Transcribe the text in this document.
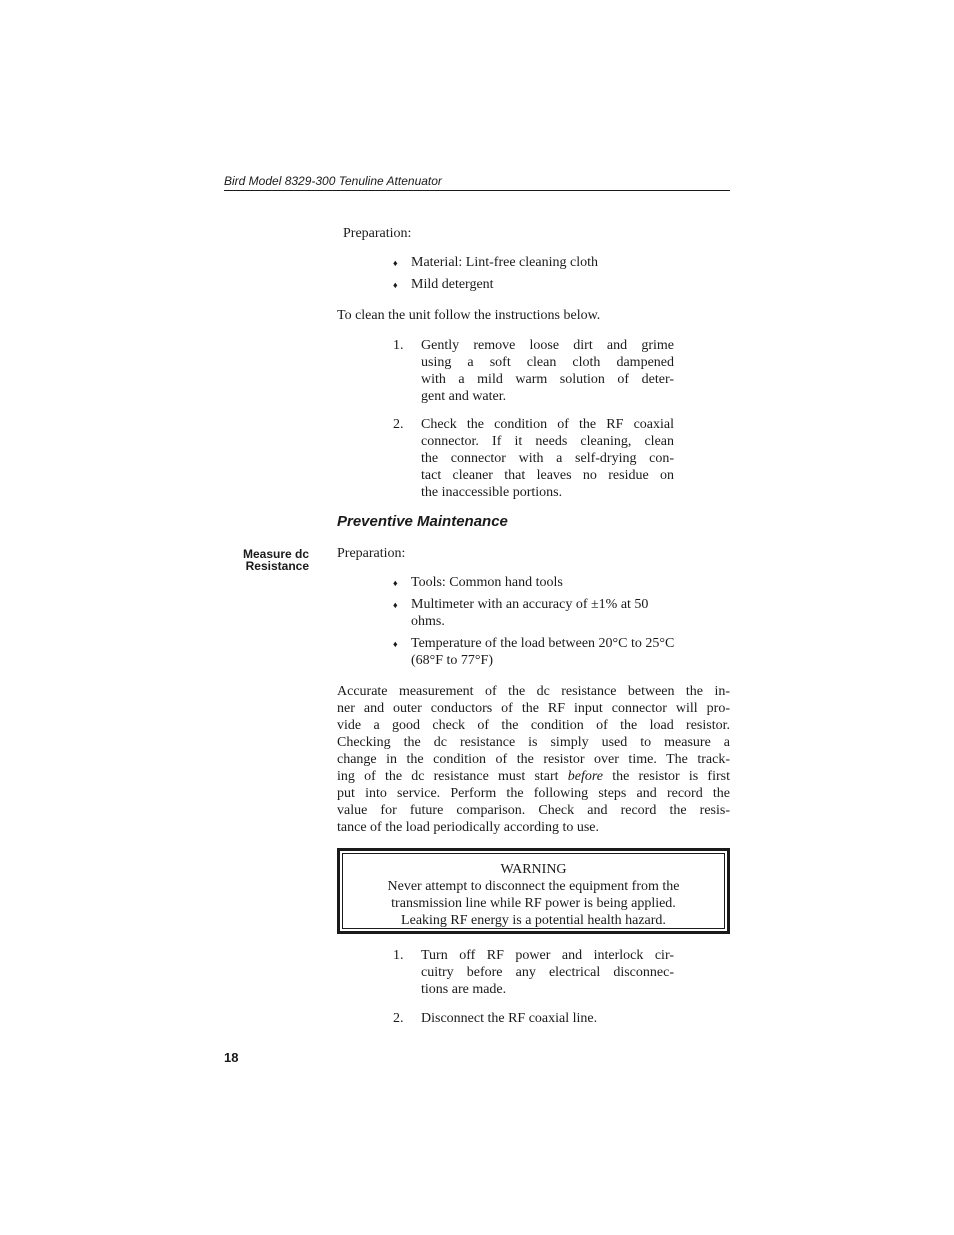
Bird Model 8329-300 Tenuline Attenuator
Preparation:
♦ Material: Lint-free cleaning cloth
♦ Mild detergent
To clean the unit follow the instructions below.
1. Gently remove loose dirt and grime
using a soft clean cloth dampened
with a mild warm solution of deter-
gent and water.
2. Check the condition of the RF coaxial
connector. If it needs cleaning, clean
the connector with a self-drying con-
tact cleaner that leaves no residue on
the inaccessible portions.
Preventive Maintenance
Measure dc
Resistance
Preparation:
♦ Tools: Common hand tools
♦ Multimeter with an accuracy of ±1% at 50
ohms.
♦ Temperature of the load between 20°C to 25°C
(68°F to 77°F)
Accurate measurement of the dc resistance between the in-
ner and outer conductors of the RF input connector will pro-
vide a good check of the condition of the load resistor.
Checking the dc resistance is simply used to measure a
change in the condition of the resistor over time. The track-
ing of the dc resistance must start before the resistor is first
put into service. Perform the following steps and record the
value for future comparison. Check and record the resis-
tance of the load periodically according to use.
WARNING
Never attempt to disconnect the equipment from the
transmission line while RF power is being applied.
Leaking RF energy is a potential health hazard.
1. Turn off RF power and interlock cir-
cuitry before any electrical disconnec-
tions are made.
2. Disconnect the RF coaxial line.
18
